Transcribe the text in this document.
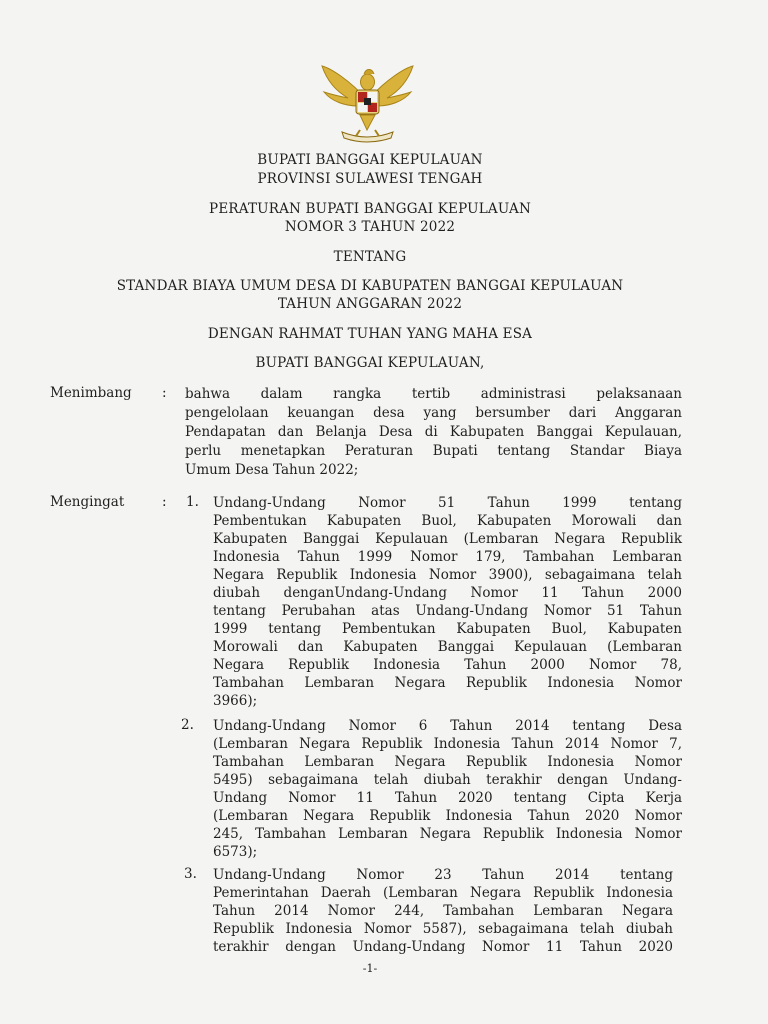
BUPATI BANGGAI KEPULAUAN
PROVINSI SULAWESI TENGAH
PERATURAN BUPATI BANGGAI KEPULAUAN
NOMOR 3 TAHUN 2022
TENTANG
STANDAR BIAYA UMUM DESA DI KABUPATEN BANGGAI KEPULAUAN
TAHUN ANGGARAN 2022
DENGAN RAHMAT TUHAN YANG MAHA ESA
BUPATI BANGGAI KEPULAUAN,
Menimbang : bahwa dalam rangka tertib administrasi pelaksanaan
pengelolaan keuangan desa yang bersumber dari Anggaran
Pendapatan dan Belanja Desa di Kabupaten Banggai Kepulauan,
perlu menetapkan Peraturan Bupati tentang Standar Biaya
Umum Desa Tahun 2022;
Mengingat	: 1. Undang-Undang Nomor 51 Tahun 1999 tentang
Pembentukan Kabupaten Buol, Kabupaten Morowali dan
Kabupaten Banggai Kepulauan (Lembaran Negara Republik
Indonesia Tahun 1999 Nomor 179, Tambahan Lembaran
Negara Republik Indonesia Nomor 3900), sebagaimana telah
diubah denganUndang-Undang Nomor 11 Tahun 2000
tentang Perubahan atas Undang-Undang Nomor 51 Tahun
1999 tentang Pembentukan Kabupaten Buol, Kabupaten
Morowali dan Kabupaten Banggai Kepulauan (Lembaran
Negara Republik Indonesia Tahun 2000 Nomor 78,
Tambahan Lembaran Negara Republik Indonesia Nomor
3966);
2. Undang-Undang Nomor 6 Tahun 2014 tentang Desa
(Lembaran Negara Republik Indonesia Tahun 2014 Nomor 7,
Tambahan Lembaran Negara Republik Indonesia Nomor
5495) sebagaimana telah diubah terakhir dengan Undang-
Undang Nomor 11 Tahun 2020 tentang Cipta Kerja
(Lembaran Negara Republik Indonesia Tahun 2020 Nomor
245, Tambahan Lembaran Negara Republik Indonesia Nomor
6573);
3. Undang-Undang Nomor 23 Tahun 2014 tentang
Pemerintahan Daerah (Lembaran Negara Republik Indonesia
Tahun 2014 Nomor 244, Tambahan Lembaran Negara
Republik Indonesia Nomor 5587), sebagaimana telah diubah
terakhir dengan Undang-Undang Nomor 11 Tahun 2020
-1-
